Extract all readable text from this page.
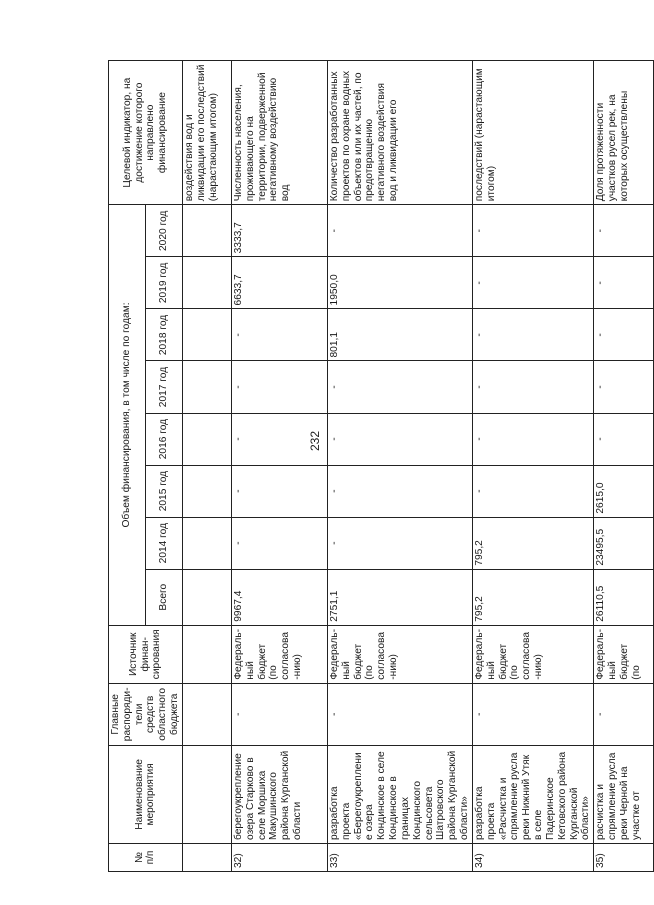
232
№ п/п	Наименование мероприятия	Главные распоряди-тели средств областного бюджета	Источник финан-сирования	Объем финансирования, в том числе по годам:								Целевой индикатор, на достижение которого направлено финансирование
				Всего	2014 год	2015 год	2016 год	2017 год	2018 год	2019 год	2020 год	
												воздействия вод и ликвидации его последствий (нарастающим итогом)
32)	берегоукрепление озера Старково в селе Моршиха Макушинского района Курганской области	-	Федераль-ный бюджет (по согласова-нию)	9967,4	-	-	-	-	-	6633,7	3333,7	Численность населения, проживающего на территории, подверженной негативному воздействию вод
33)	разработка проекта «Берегоукрепление озера Кондинское в селе Кондинское в границах Кондинского сельсовета Шатровского района Курганской области»	-	Федераль-ный бюджет (по согласова-нию)	2751,1	-	-	-	-	801,1	1950,0	-	Количество разработанных проектов по охране водных объектов или их частей, по предотвращению негативного воздействия вод и ликвидации его
34)	разработка проекта «Расчистка и спрямление русла реки Нижний Утяк в селе Падеринское Кетовского района Курганской области»	-	Федераль-ный бюджет (по согласова-нию)	795,2	795,2	-	-	-	-	-	-	последствий (нарастающим итогом)
35)	расчистка и спрямление русла реки Черной на участке от	-	Федераль-ный бюджет (по	26110,5	23495,5	2615,0	-	-	-	-	-	Доля протяженности участков русел рек, на которых осуществлены
